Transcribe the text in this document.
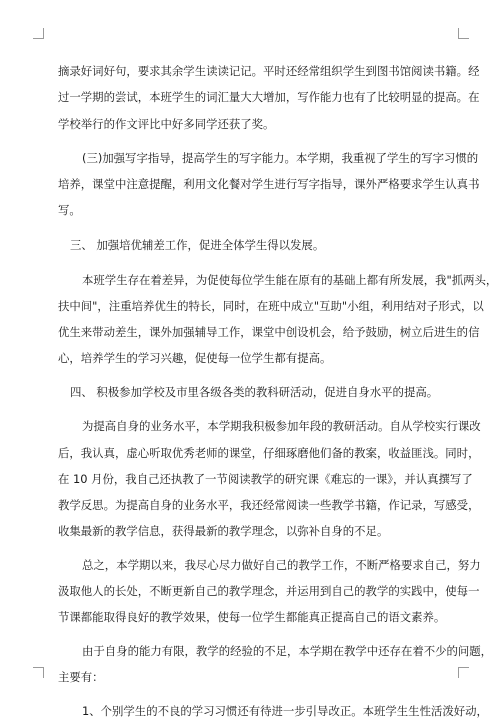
摘录好词好句，要求其余学生读读记记。平时还经常组织学生到图书馆阅读书籍。经
过一学期的尝试，本班学生的词汇量大大增加，写作能力也有了比较明显的提高。在
学校举行的作文评比中好多同学还获了奖。
(三)加强写字指导，提高学生的写字能力。本学期，我重视了学生的写字习惯的
培养，课堂中注意提醒，利用文化餐对学生进行写字指导，课外严格要求学生认真书
写。
三、 加强培优辅差工作，促进全体学生得以发展。
本班学生存在着差异，为促使每位学生能在原有的基础上都有所发展，我"抓两头，
扶中间"，注重培养优生的特长，同时，在班中成立"互助"小组，利用结对子形式，以
优生来带动差生，课外加强辅导工作，课堂中创设机会，给予鼓励，树立后进生的信
心，培养学生的学习兴趣，促使每一位学生都有提高。
四、 积极参加学校及市里各级各类的教科研活动，促进自身水平的提高。
为提高自身的业务水平，本学期我积极参加年段的教研活动。自从学校实行课改
后，我认真，虚心听取优秀老师的课堂，仔细琢磨他们备的教案，收益匪浅。同时，
在 10 月份，我自己还执教了一节阅读教学的研究课《难忘的一课》，并认真撰写了
教学反思。为提高自身的业务水平，我还经常阅读一些教学书籍，作记录，写感受，
收集最新的教学信息，获得最新的教学理念，以弥补自身的不足。
总之，本学期以来，我尽心尽力做好自己的教学工作，不断严格要求自己，努力
汲取他人的长处，不断更新自己的教学理念，并运用到自己的教学的实践中，使每一
节课都能取得良好的教学效果，使每一位学生都能真正提高自己的语文素养。
由于自身的能力有限，教学的经验的不足，本学期在教学中还存在着不少的问题，
主要有：
1、个别学生的不良的学习习惯还有待进一步引导改正。本班学生生性活泼好动，
